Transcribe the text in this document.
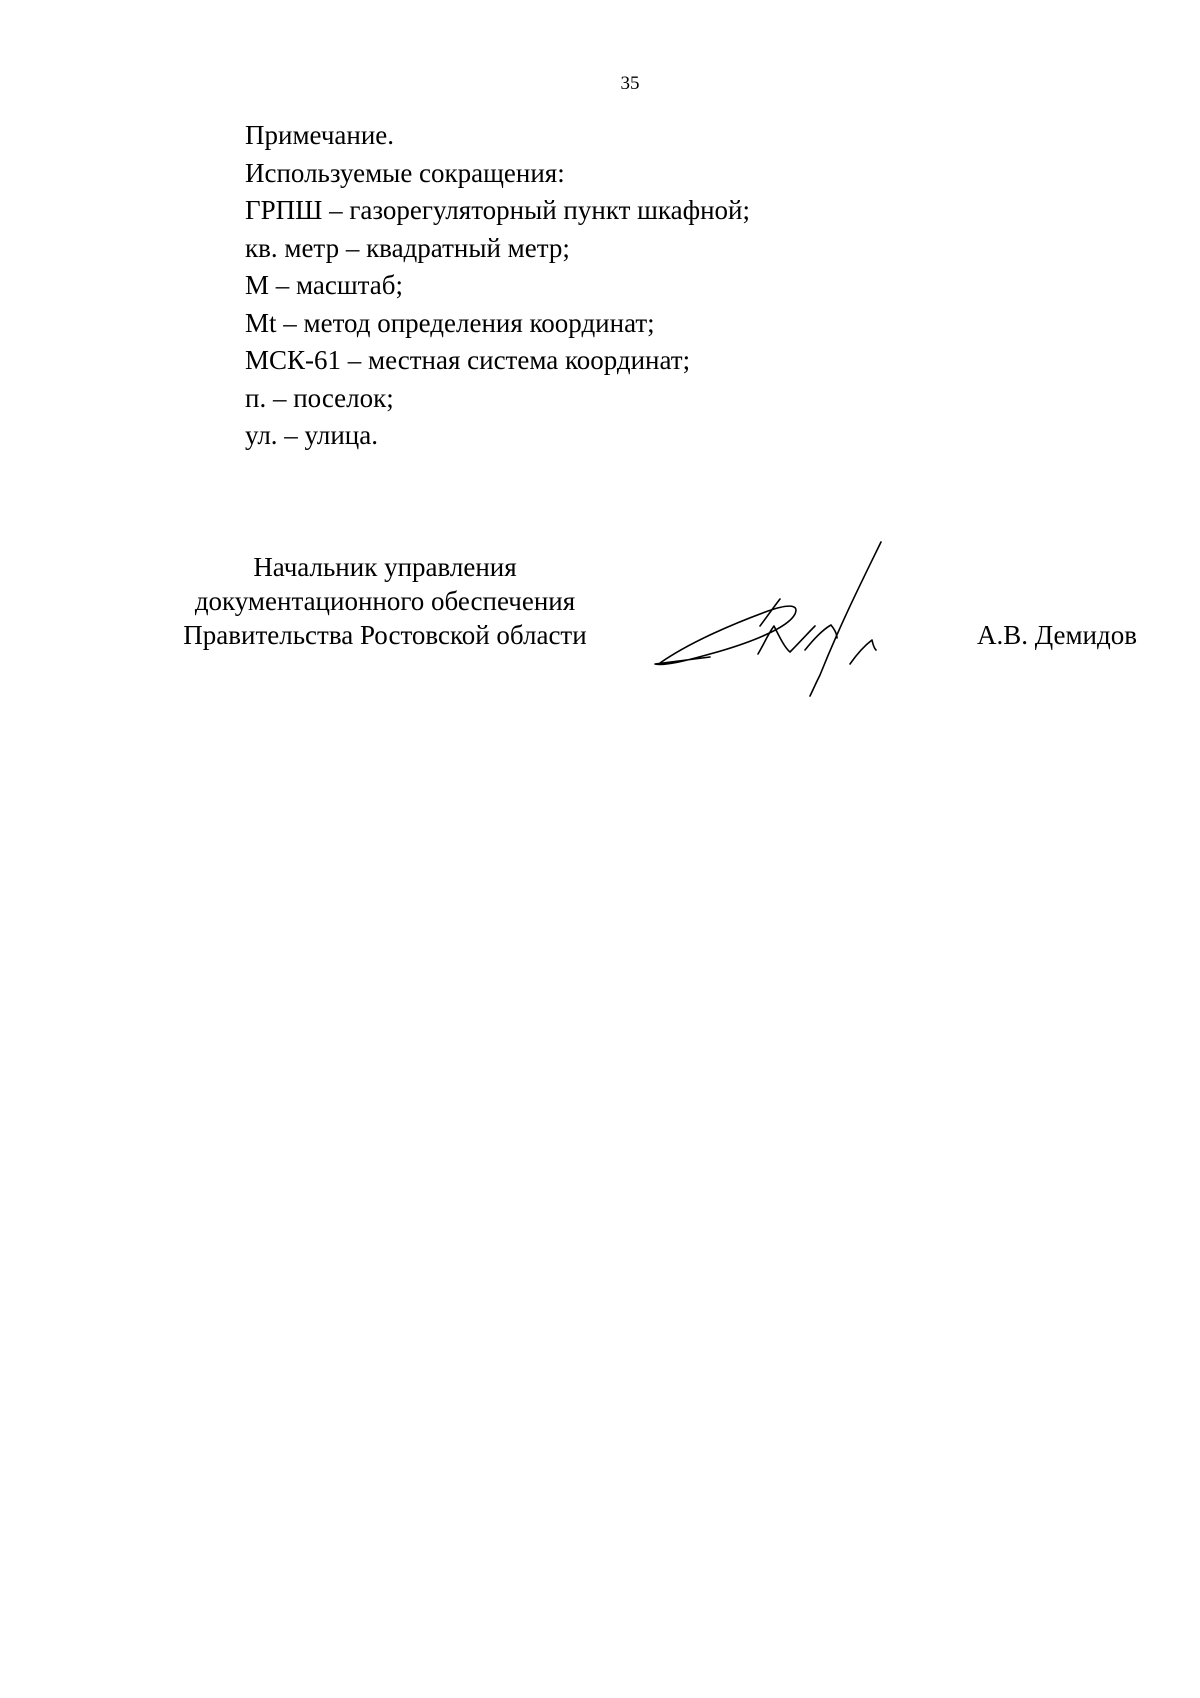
35
Примечание.
Используемые сокращения:
ГРПШ – газорегуляторный пункт шкафной;
кв. метр – квадратный метр;
М – масштаб;
Mt – метод определения координат;
МСК-61 – местная система координат;
п. – поселок;
ул. – улица.
Начальник управления
документационного обеспечения
Правительства Ростовской области	А.В. Демидов
